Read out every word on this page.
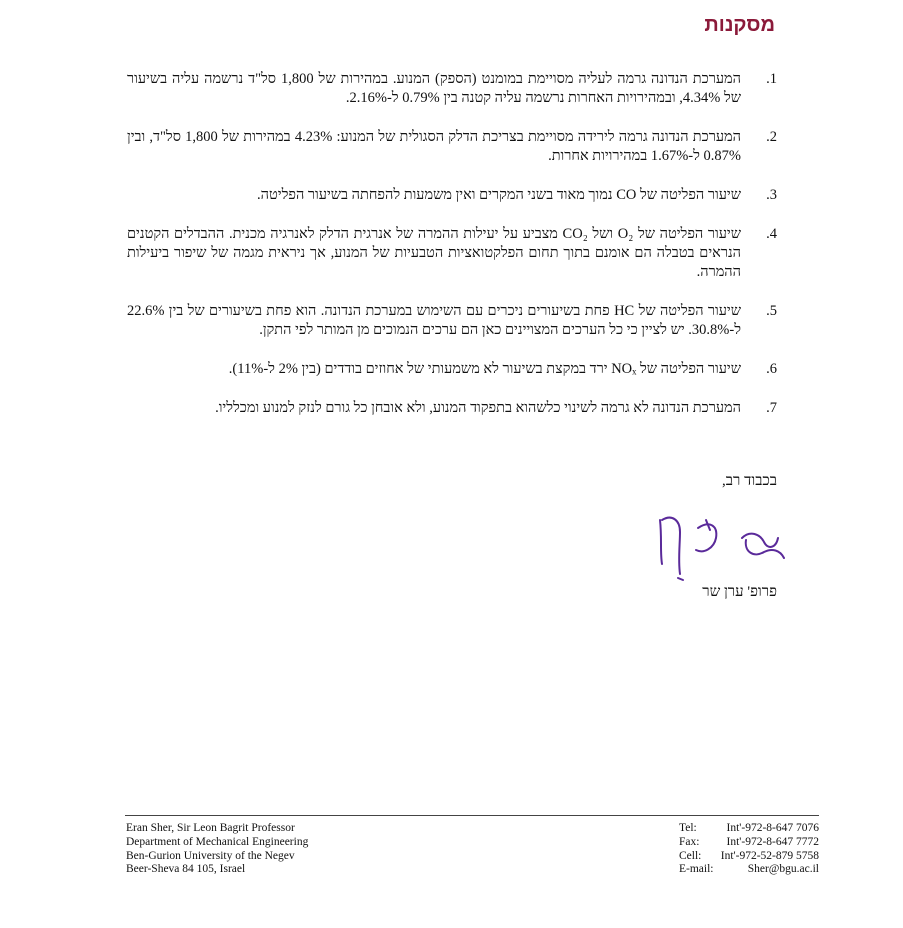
מסקנות
1.
המערכת הנדונה גרמה לעליה מסויימת במומנט (הספק) המנוע. במהירות של 1,800 סל"ד נרשמה עליה בשיעור של 4.34%, ובמהירויות האחרות נרשמה עליה קטנה בין 0.79% ל-2.16%.
2.
המערכת הנדונה גרמה לירידה מסויימת בצריכת הדלק הסגולית של המנוע: 4.23% במהירות של 1,800 סל"ד, ובין 0.87% ל-1.67% במהירויות אחרות.
3.
שיעור הפליטה של CO נמוך מאוד בשני המקרים ואין משמעות להפחתה בשיעור הפליטה.
4.
שיעור הפליטה של O₂ ושל CO₂ מצביע על יעילות ההמרה של אנרגית הדלק לאנרגיה מכנית. ההבדלים הקטנים הנראים בטבלה הם אומנם בתוך תחום הפלקטואציות הטבעיות של המנוע, אך ניראית מגמה של שיפור ביעילות ההמרה.
5.
שיעור הפליטה של HC פחת בשיעורים ניכרים עם השימוש במערכת הנדונה. הוא פחת בשיעורים של בין 22.6% ל-30.8%. יש לציין כי כל הערכים המצויינים כאן הם ערכים הנמוכים מן המותר לפי התקן.
6.
שיעור הפליטה של NOₓ ירד במקצת בשיעור לא משמעותי של אחוזים בודדים (בין 2% ל-11%).
7.
המערכת הנדונה לא גרמה לשינוי כלשהוא בתפקוד המנוע, ולא אובחן כל גורם לנזק למנוע ומכלליו.
בכבוד רב,
פרופ' ערן שר
Eran Sher, Sir Leon Bagrit Professor
Department of Mechanical Engineering
Ben-Gurion University of the Negev
Beer-Sheva 84 105, Israel
Tel:	Int'-972-8-647 7076
Fax: Int'-972-8-647 7772
Cell: Int'-972-52-879 5758
E-mail:	Sher@bgu.ac.il
